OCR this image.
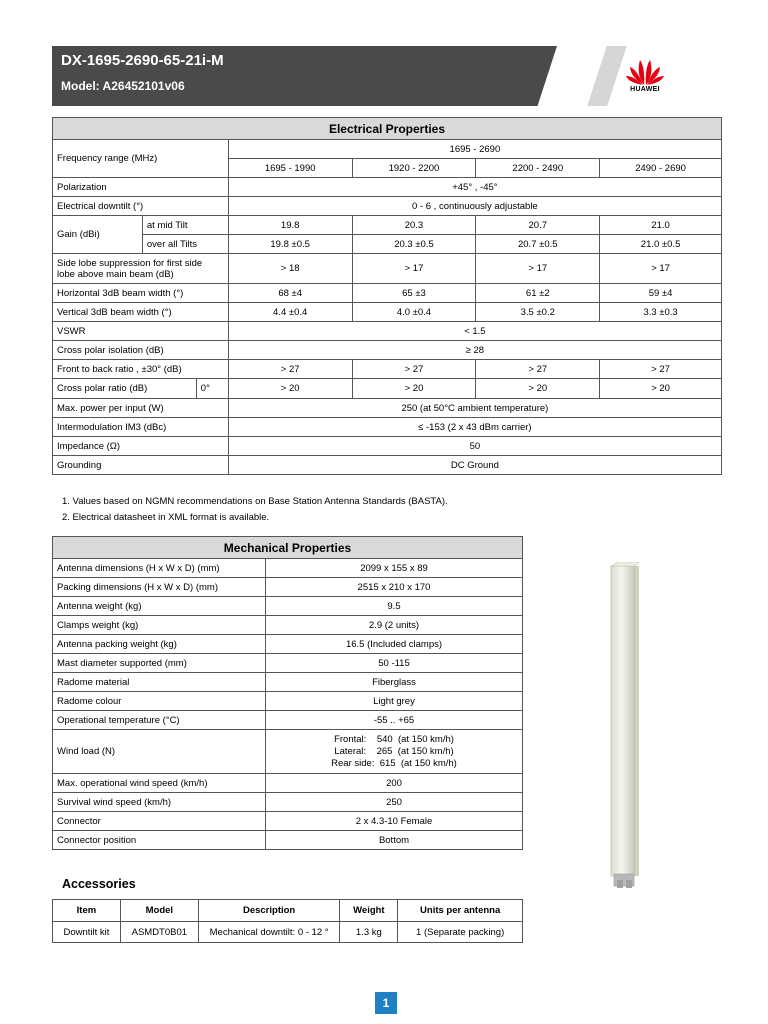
DX-1695-2690-65-21i-M
Model: A26452101v06	HUAWEI
Electrical Properties					
Frequency range (MHz)		1695 - 2690			
		1695 - 1990	1920 - 2200	2200 - 2490	2490 - 2690
Polarization		+45° , -45°			
Electrical downtilt (°)		0 - 6 , continuously adjustable			
Gain (dBi)	at mid Tilt	19.8	20.3	20.7	21.0
	over all Tilts	19.8 ±0.5	20.3 ±0.5	20.7 ±0.5	21.0 ±0.5
Side lobe suppression for first side
lobe above main beam (dB)		> 18	> 17	> 17	> 17
Horizontal 3dB beam width (°)		68 ±4	65 ±3	61 ±2	59 ±4
Vertical 3dB beam width (°)		4.4 ±0.4	4.0 ±0.4	3.5 ±0.2	3.3 ±0.3
VSWR		< 1.5			
Cross polar isolation (dB)		≥ 28			
Front to back ratio , ±30° (dB)		> 27	> 27	> 27	> 27

Cross polar ratio (dB) 0°		> 20	> 20	> 20	> 20
Max. power per input (W)		250 (at 50°C ambient temperature)			
Intermodulation IM3 (dBc)		≤ -153 (2 x 43 dBm carrier)			
Impedance (Ω)		50			
Grounding		DC Ground			
1. Values based on NGMN recommendations on Base Station Antenna Standards (BASTA).
2. Electrical datasheet in XML format is available.
Mechanical Properties	
Antenna dimensions (H x W x D) (mm)	2099 x 155 x 89
Packing dimensions (H x W x D) (mm)	2515 x 210 x 170
Antenna weight (kg)	9.5
Clamps weight (kg)	2.9 (2 units)
Antenna packing weight (kg)	16.5 (Included clamps)
Mast diameter supported (mm)	50 -115
Radome material	Fiberglass
Radome colour	Light grey
Operational temperature (°C)	-55 .. +65
Wind load (N)	Frontal:    540  (at 150 km/h)
Lateral:    265  (at 150 km/h)
Rear side:  615  (at 150 km/h)
Max. operational wind speed (km/h)	200
Survival wind speed (km/h)	250
Connector	2 x 4.3-10 Female
Connector position	Bottom
Accessories
Item	Model	Description	Weight	Units per antenna
Downtilt kit	ASMDT0B01	Mechanical downtilt: 0 - 12 °	1.3 kg	1 (Separate packing)
1
